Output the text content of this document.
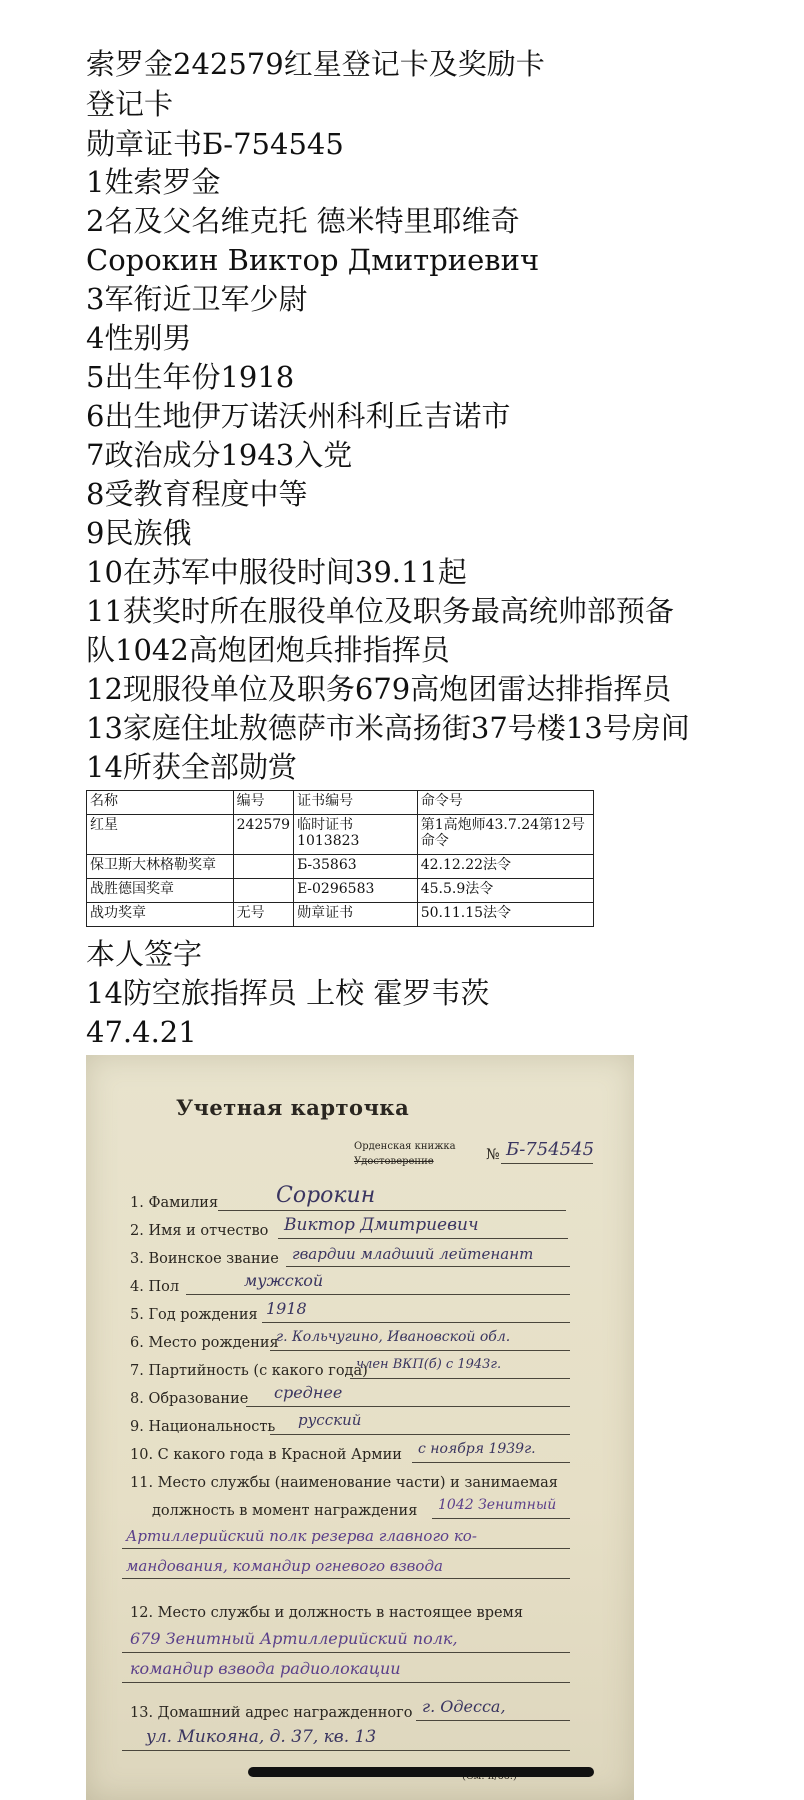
索罗金242579红星登记卡及奖励卡
登记卡
勋章证书Б-754545
1姓索罗金
2名及父名维克托 德米特里耶维奇
Сорокин Виктор Дмитриевич
3军衔近卫军少尉
4性别男
5出生年份1918
6出生地伊万诺沃州科利丘吉诺市
7政治成分1943入党
8受教育程度中等
9民族俄
10在苏军中服役时间39.11起
11获奖时所在服役单位及职务最高统帅部预备
队1042高炮团炮兵排指挥员
12现服役单位及职务679高炮团雷达排指挥员
13家庭住址敖德萨市米高扬街37号楼13号房间
14所获全部勋赏
名称	编号	证书编号	命令号
红星	242579	临时证书1013823	第1高炮师43.7.24第12号命令
保卫斯大林格勒奖章		Б-35863	42.12.22法令
战胜德国奖章		Е-0296583	45.5.9法令
战功奖章	无号	勋章证书	50.11.15法令
本人签字
14防空旅指挥员 上校 霍罗韦茨
47.4.21
Учетная карточка
Орденская книжка
Удостоверение	№ Б-754545
1. Фамилия	Сорокин
2. Имя и отчество Виктор Дмитриевич
3. Воинское звание гвардии младший лейтенант
4. Пол	мужской
5. Год рождения 1918
6. Место рождения
г. Кольчугино, Ивановской обл.
7. Партийность (с какого года)
член ВКП(б) с 1943г.
8. Образование среднее
9. Национальность русский
10. С какого года в Красной Армии с ноября 1939г.
11. Место службы (наименование части) и занимаемая
должность в момент награждения 1042 Зенитный
Артиллерийский полк резерва главного ко-
мандования, командир огневого взвода
12. Место службы и должность в настоящее время
679 Зенитный Артиллерийский полк,
командир взвода радиолокации
13. Домашний адрес награжденного г. Одесса,
ул. Микояна, д. 37, кв. 13
